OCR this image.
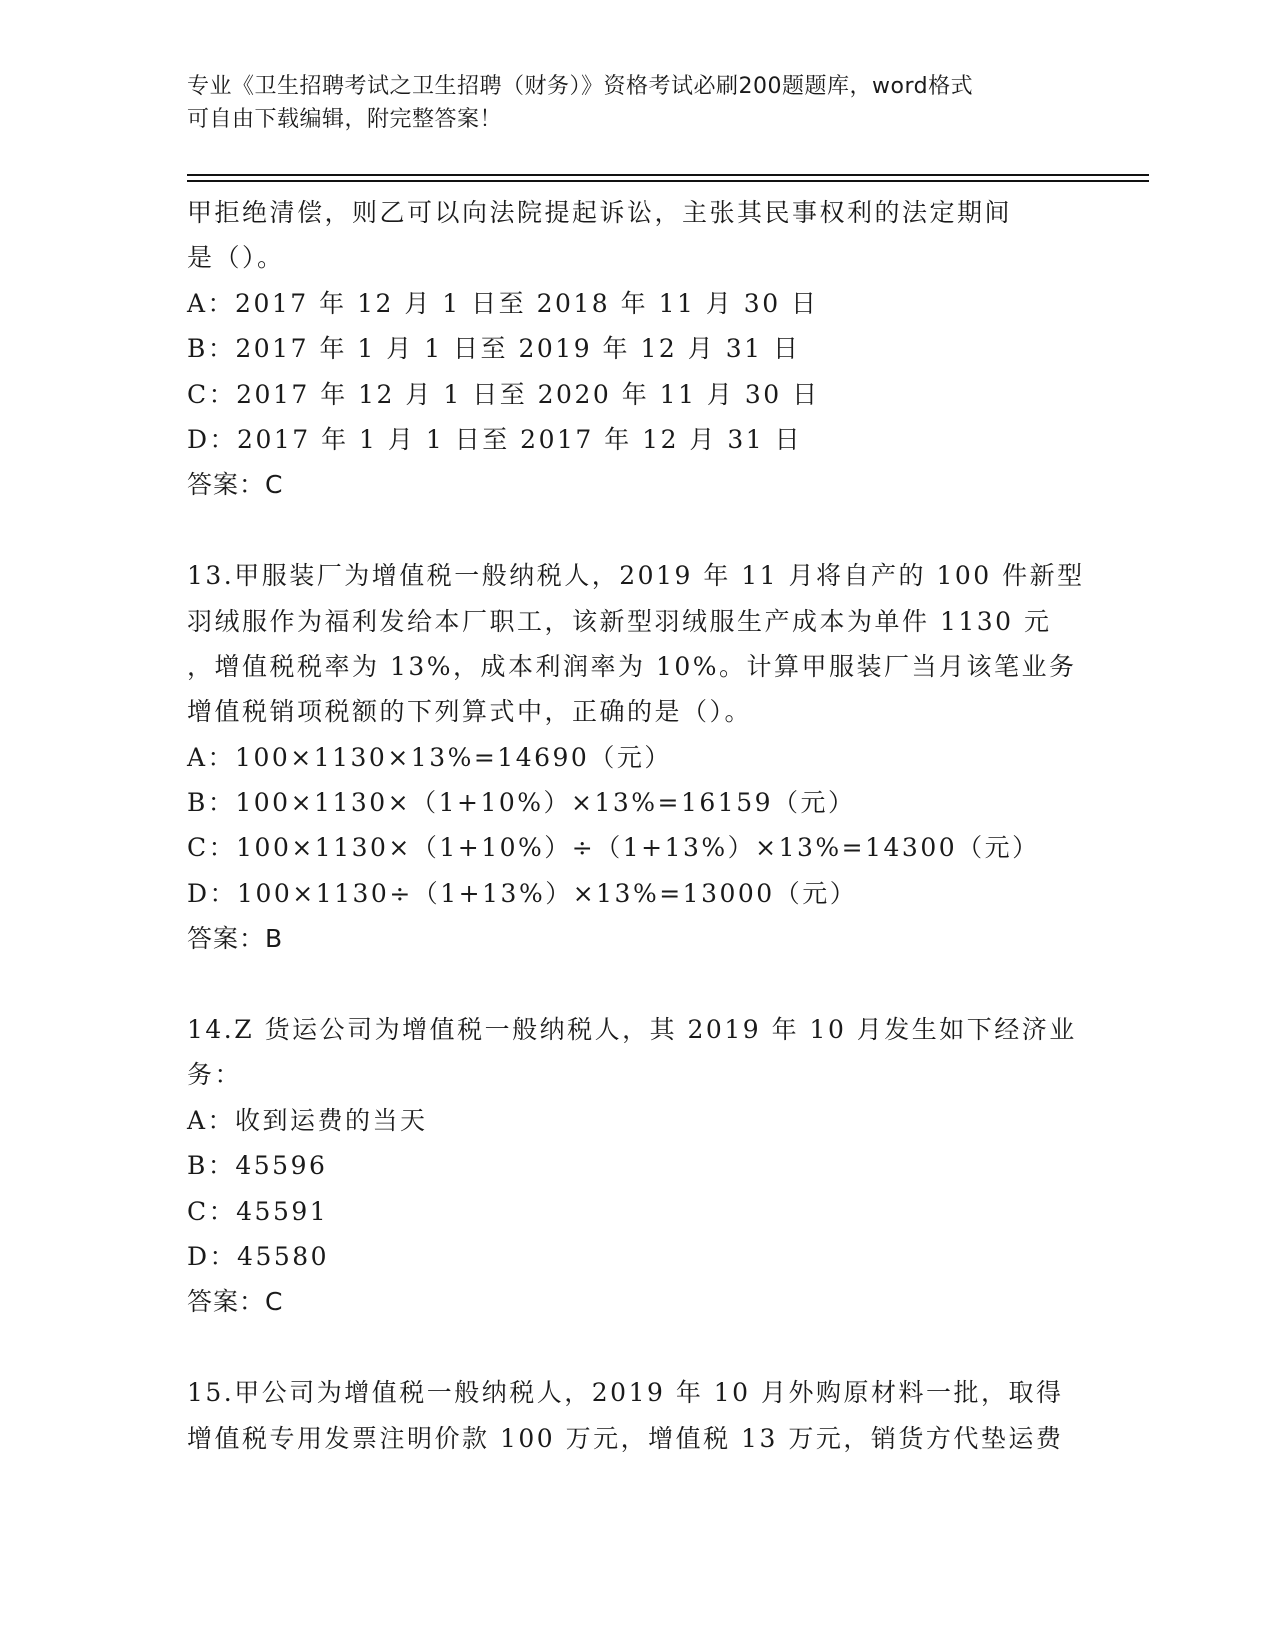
专业《卫生招聘考试之卫生招聘（财务）》资格考试必刷200题题库，word格式
可自由下载编辑，附完整答案！
甲拒绝清偿，则乙可以向法院提起诉讼，主张其民事权利的法定期间
是（）。
A：2017 年 12 月 1 日至 2018 年 11 月 30 日
B：2017 年 1 月 1 日至 2019 年 12 月 31 日
C：2017 年 12 月 1 日至 2020 年 11 月 30 日
D：2017 年 1 月 1 日至 2017 年 12 月 31 日
答案：C
13.甲服装厂为增值税一般纳税人，2019 年 11 月将自产的 100 件新型
羽绒服作为福利发给本厂职工，该新型羽绒服生产成本为单件 1130 元
，增值税税率为 13%，成本利润率为 10%。计算甲服装厂当月该笔业务
增值税销项税额的下列算式中，正确的是（）。
A：100×1130×13%=14690（元）
B：100×1130×（1+10%）×13%=16159（元）
C：100×1130×（1+10%）÷（1+13%）×13%=14300（元）
D：100×1130÷（1+13%）×13%=13000（元）
答案：B
14.Z 货运公司为增值税一般纳税人，其 2019 年 10 月发生如下经济业
务：
A：收到运费的当天
B：45596
C：45591
D：45580
答案：C
15.甲公司为增值税一般纳税人，2019 年 10 月外购原材料一批，取得
增值税专用发票注明价款 100 万元，增值税 13 万元，销货方代垫运费
